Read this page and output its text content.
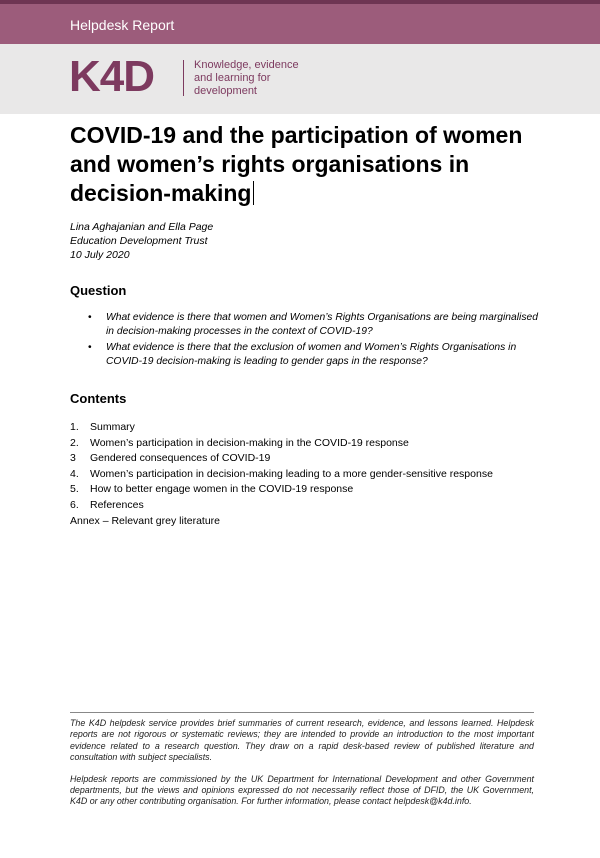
Helpdesk Report
K4D	Knowledge, evidence
and learning for
development
COVID-19 and the participation of women and women’s rights organisations in decision-making
Lina Aghajanian and Ella Page
Education Development Trust
10 July 2020
Question
• What evidence is there that women and Women’s Rights Organisations are being marginalised in decision-making processes in the context of COVID-19?
• What evidence is there that the exclusion of women and Women’s Rights Organisations in COVID-19 decision-making is leading to gender gaps in the response?
Contents
1. Summary
2. Women’s participation in decision-making in the COVID-19 response
3 Gendered consequences of COVID-19
4. Women’s participation in decision-making leading to a more gender-sensitive response
5. How to better engage women in the COVID-19 response
6. References
Annex – Relevant grey literature

The K4D helpdesk service provides brief summaries of current research, evidence, and lessons learned. Helpdesk reports are not rigorous or systematic reviews; they are intended to provide an introduction to the most important evidence related to a research question. They draw on a rapid desk-based review of published literature and consultation with subject specialists.

Helpdesk reports are commissioned by the UK Department for International Development and other Government departments, but the views and opinions expressed do not necessarily reflect those of DFID, the UK Government, K4D or any other contributing organisation. For further information, please contact helpdesk@k4d.info.
